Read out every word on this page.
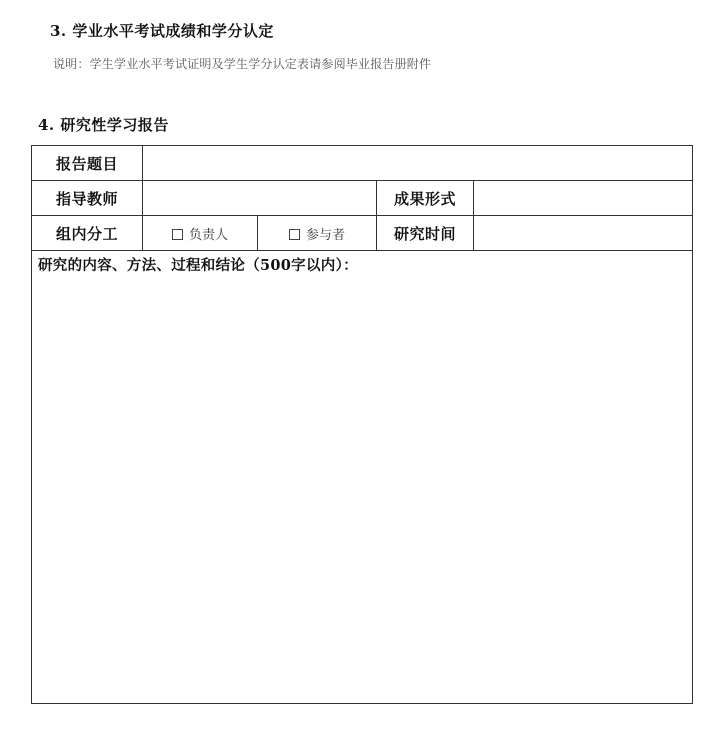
3. 学业水平考试成绩和学分认定
说明：学生学业水平考试证明及学生学分认定表请参阅毕业报告册附件
4. 研究性学习报告
报告题目				
指导教师			成果形式	
组内分工	负责人	参与者	研究时间	

研究的内容、方法、过程和结论（500字以内）：				
